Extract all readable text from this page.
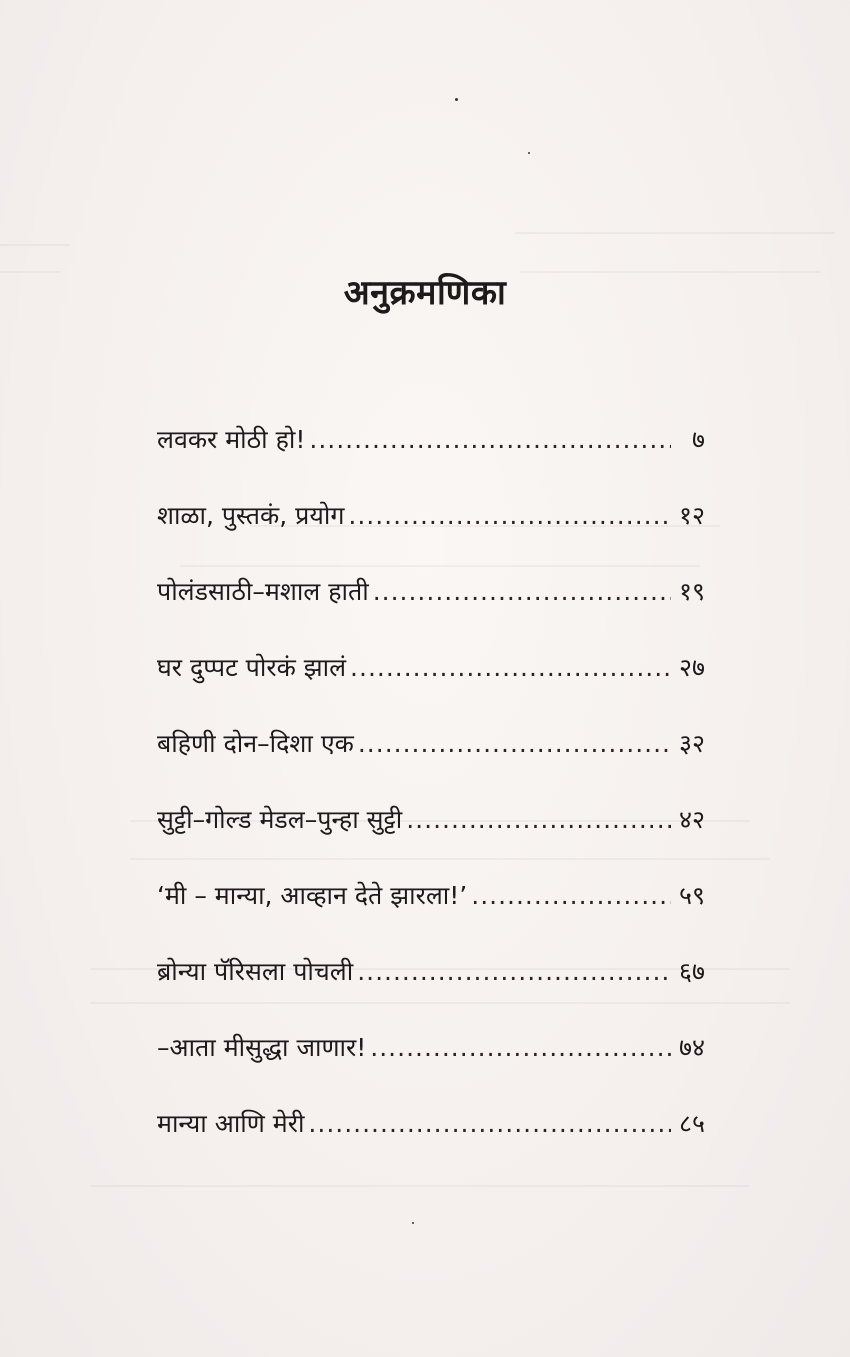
अनुक्रमणिका
लवकर मोठी हो! .....	७
शाळा, पुस्तकं, प्रयोग .....	१२
पोलंडसाठी–मशाल हाती .....	१९
घर दुप्पट पोरकं झालं .....	२७
बहिणी दोन–दिशा एक .....	३२
सुट्टी–गोल्ड मेडल–पुन्हा सुट्टी .....	४२
‘मी – मान्या, आव्हान देते झारला!’ .....	५९
ब्रोन्या पॅरिसला पोचली .....	६७
–आता मीसुद्धा जाणार! .....	७४
मान्या आणि मेरी .....	८५
